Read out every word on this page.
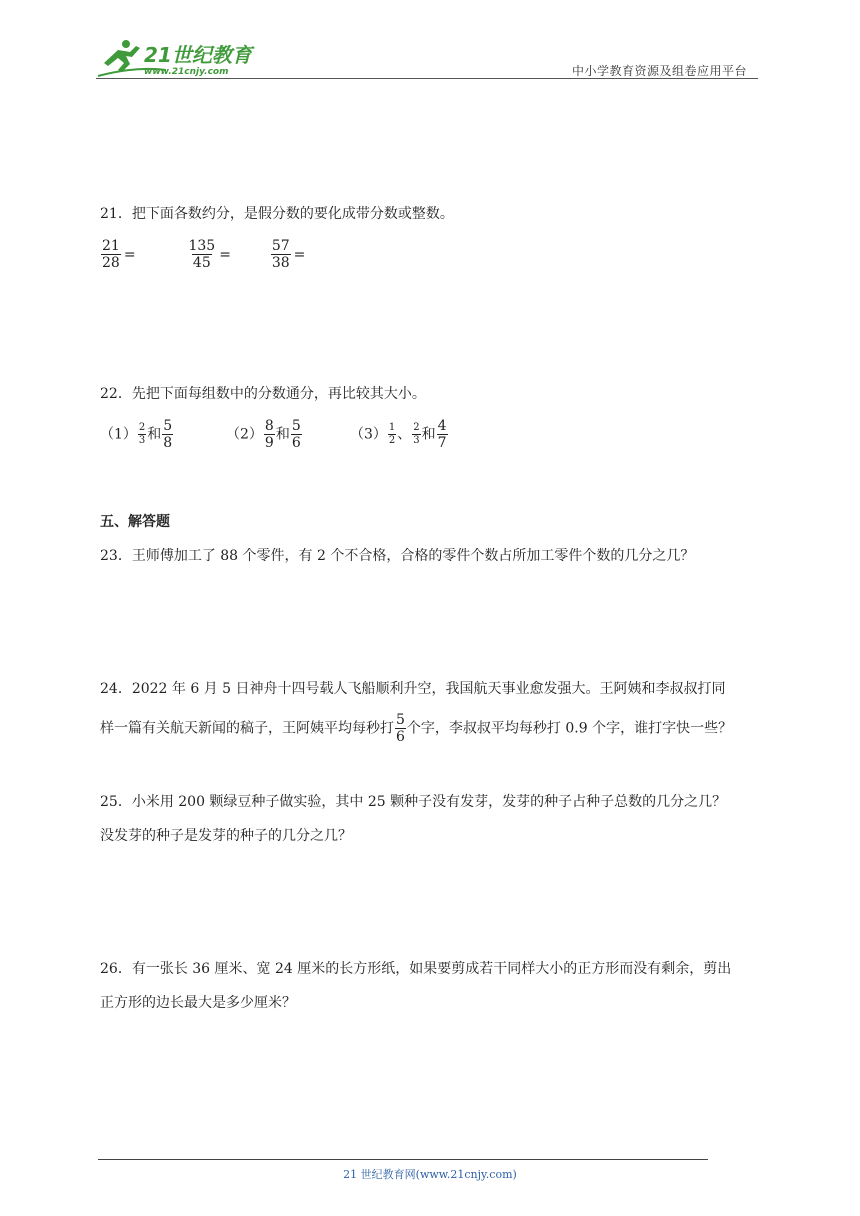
21世纪教育
www.21cnjy.com	中小学教育资源及组卷应用平台
21．把下面各数约分，是假分数的要化成带分数或整数。
$\frac{21}{28}$ =	$\frac{135}{45}$ =	$\frac{57}{38}$ =
22．先把下面每组数中的分数通分，再比较其大小。
$(1) \frac{2}{3}$ 和 $\frac{5}{8}$	$(2) \frac{8}{9}$ 和 $\frac{5}{6}$	$(3) \frac{1}{2}$ 、 $\frac{2}{3}$ 和 $\frac{4}{7}$
五、解答题
23．王师傅加工了 88 个零件，有 2 个不合格，合格的零件个数占所加工零件个数的几分之几？
24．2022 年 6 月 5 日神舟十四号载人飞船顺利升空，我国航天事业愈发强大。王阿姨和李叔叔打同
样一篇有关航天新闻的稿子，王阿姨平均每秒打 $\frac{5}{6}$ 个字，李叔叔平均每秒打 0.9 个字，谁打字快一些？
25．小米用 200 颗绿豆种子做实验，其中 25 颗种子没有发芽，发芽的种子占种子总数的几分之几？
没发芽的种子是发芽的种子的几分之几？
26．有一张长 36 厘米、宽 24 厘米的长方形纸，如果要剪成若干同样大小的正方形而没有剩余，剪出
正方形的边长最大是多少厘米？
21 世纪教育网(www.21cnjy.com)
